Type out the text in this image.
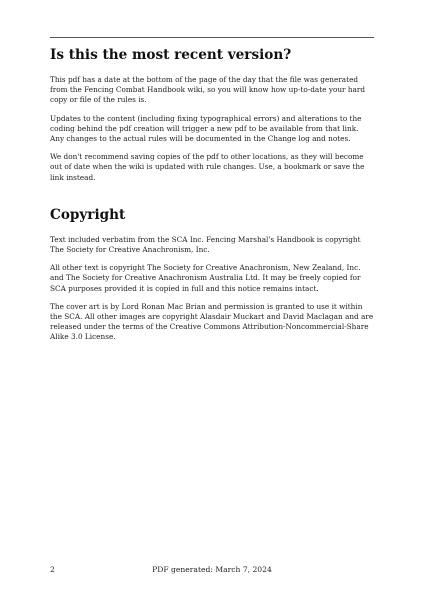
Is this the most recent version?

This pdf has a date at the bottom of the page of the day that the file was generated from the Fencing Combat Handbook wiki, so you will know how up-to-date your hard copy or file of the rules is.

Updates to the content (including fixing typographical errors) and alterations to the coding behind the pdf creation will trigger a new pdf to be available from that link. Any changes to the actual rules will be documented in the Change log and notes.

We don't recommend saving copies of the pdf to other locations, as they will become out of date when the wiki is updated with rule changes. Use, a bookmark or save the link instead.

Copyright

Text included verbatim from the SCA Inc. Fencing Marshal's Handbook is copyright The Society for Creative Anachronism, Inc.

All other text is copyright The Society for Creative Anachronism, New Zealand, Inc. and The Society for Creative Anachronism Australia Ltd. It may be freely copied for SCA purposes provided it is copied in full and this notice remains intact.

The cover art is by Lord Ronan Mac Brian and permission is granted to use it within the SCA. All other images are copyright Alasdair Muckart and David Maclagan and are released under the terms of the Creative Commons Attribution-Noncommercial-Share Alike 3.0 License.

2	PDF generated: March 7, 2024
